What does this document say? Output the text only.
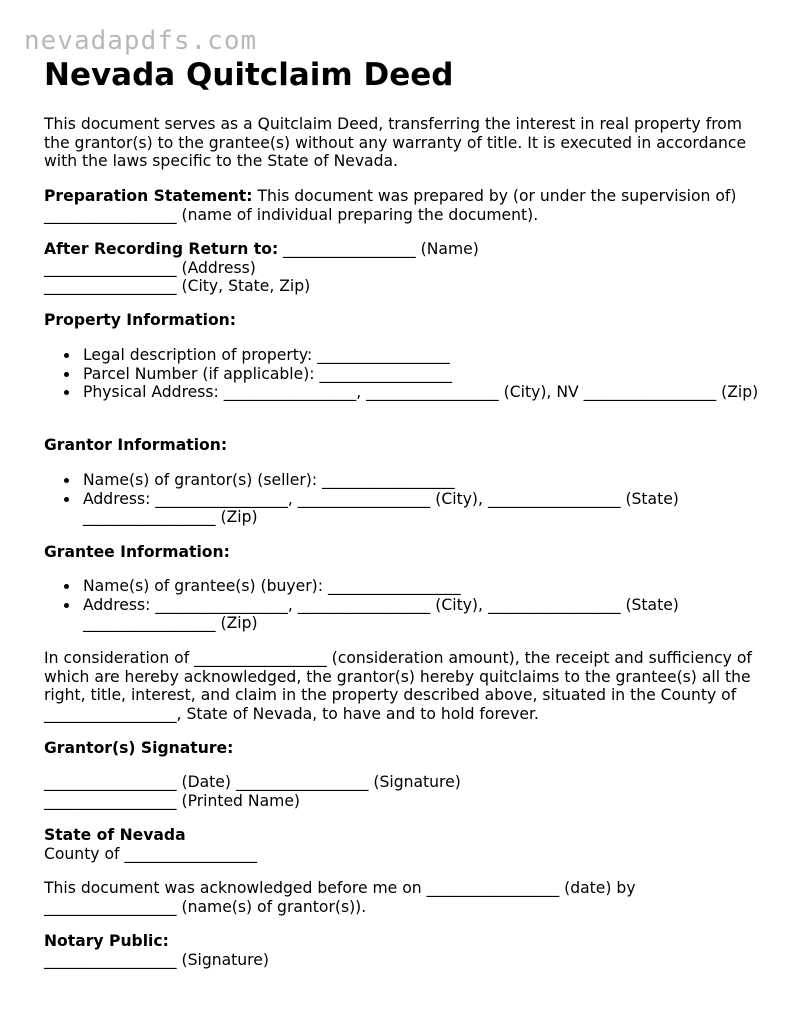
nevadapdfs.com
Nevada Quitclaim Deed

This document serves as a Quitclaim Deed, transferring the interest in real property from the grantor(s) to the grantee(s) without any warranty of title. It is executed in accordance with the laws specific to the State of Nevada.

Preparation Statement: This document was prepared by (or under the supervision of) _________________ (name of individual preparing the document).

After Recording Return to: _________________ (Name)

_________________ (Address)

_________________ (City, State, Zip)

Property Information:

Legal description of property: _________________
Parcel Number (if applicable): _________________
Physical Address: _________________, _________________ (City), NV _________________ (Zip)

Grantor Information:

Name(s) of grantor(s) (seller): _________________
Address: _________________, _________________ (City), _________________ (State) _________________ (Zip)

Grantee Information:

Name(s) of grantee(s) (buyer): _________________
Address: _________________, _________________ (City), _________________ (State) _________________ (Zip)

In consideration of _________________ (consideration amount), the receipt and sufficiency of which are hereby acknowledged, the grantor(s) hereby quitclaims to the grantee(s) all the right, title, interest, and claim in the property described above, situated in the County of _________________, State of Nevada, to have and to hold forever.

Grantor(s) Signature:

_________________ (Date) _________________ (Signature)

_________________ (Printed Name)

State of Nevada

County of _________________

This document was acknowledged before me on _________________ (date) by _________________ (name(s) of grantor(s)).

Notary Public:

_________________ (Signature)
